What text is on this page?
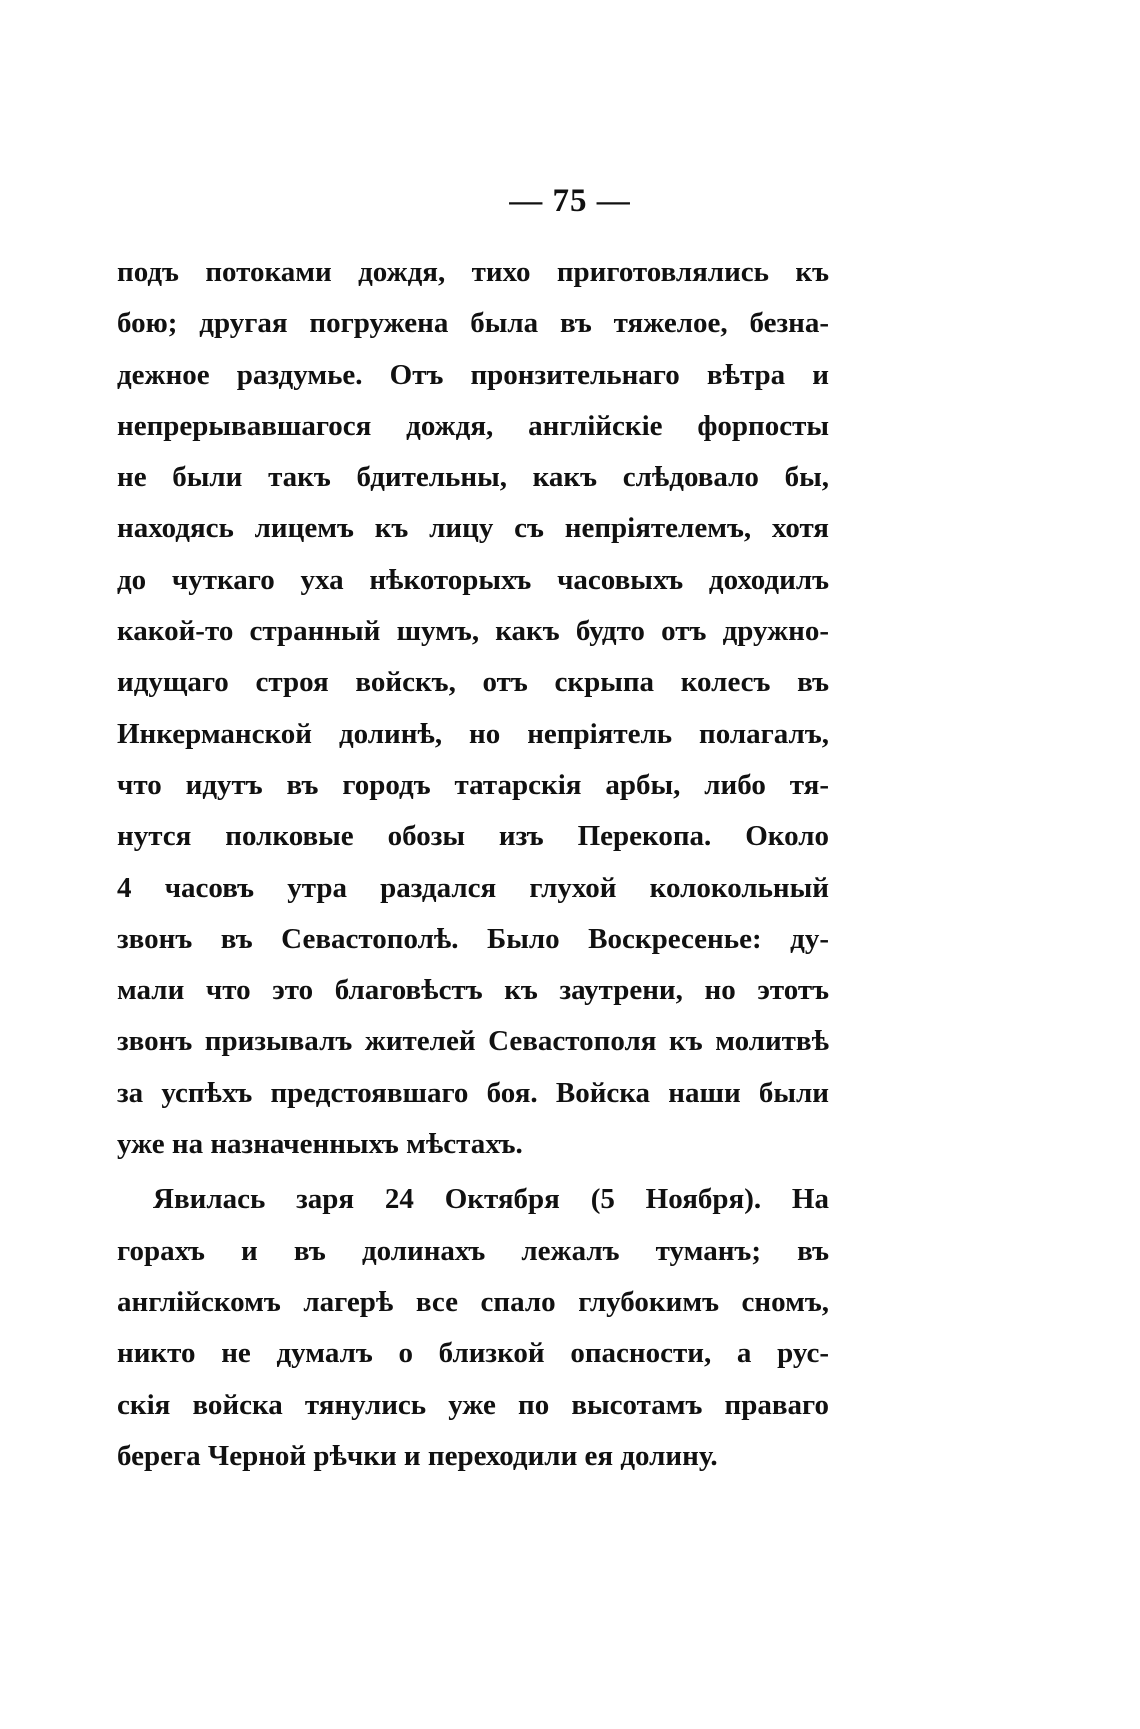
— 75 —
подъ потоками дождя, тихо приготовлялись къ
бою; другая погружена была въ тяжелое, безна-
дежное раздумье. Отъ пронзительнаго вѣтра и
непрерывавшагося дождя, англійскіе форпосты
не были такъ бдительны, какъ слѣдовало бы,
находясь лицемъ къ лицу съ непріятелемъ, хотя
до чуткаго уха нѣкоторыхъ часовыхъ доходилъ
какой-то странный шумъ, какъ будто отъ дружно-
идущаго строя войскъ, отъ скрыпа колесъ въ
Инкерманской долинѣ, но непріятель полагалъ,
что идутъ въ городъ татарскія арбы, либо тя-
нутся полковые обозы изъ Перекопа. Около
4 часовъ утра раздался глухой колокольный
звонъ въ Севастополѣ. Было Воскресенье: ду-
мали что это благовѣстъ къ заутрени, но этотъ
звонъ призывалъ жителей Севастополя къ молитвѣ
за успѣхъ предстоявшаго боя. Войска наши были
уже на назначенныхъ мѣстахъ.
Явилась заря 24 Октября (5 Ноября). На
горахъ и въ долинахъ лежалъ туманъ; въ
англійскомъ лагерѣ все спало глубокимъ сномъ,
никто не думалъ о близкой опасности, а рус-
скія войска тянулись уже по высотамъ праваго
берега Черной рѣчки и переходили ея долину.
